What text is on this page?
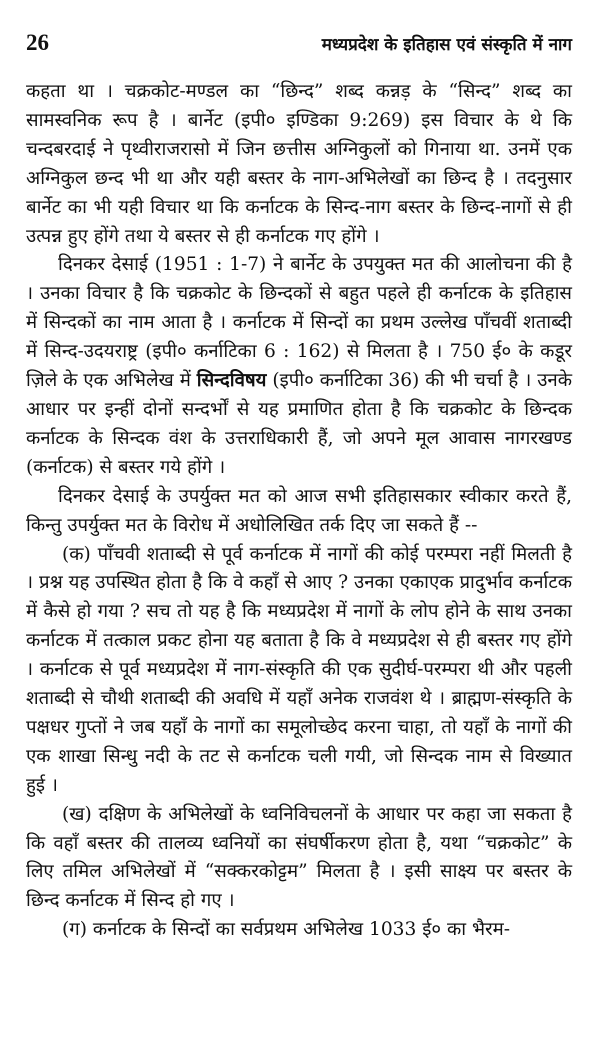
26	मध्यप्रदेश के इतिहास एवं संस्कृति में नाग

कहता था । चक्रकोट-मण्डल का “छिन्द” शब्द कन्नड़ के “सिन्द” शब्द का सामस्वनिक रूप है । बार्नेट (इपी० इण्डिका 9:269) इस विचार के थे कि चन्दबरदाई ने पृथ्वीराजरासो में जिन छत्तीस अग्निकुलों को गिनाया था. उनमें एक अग्निकुल छन्द भी था और यही बस्तर के नाग-अभिलेखों का छिन्द है । तदनुसार बार्नेट का भी यही विचार था कि कर्नाटक के सिन्द-नाग बस्तर के छिन्द-नागों से ही उत्पन्न हुए होंगे तथा ये बस्तर से ही कर्नाटक गए होंगे ।

दिनकर देसाई (1951 : 1-7) ने बार्नेट के उपयुक्त मत की आलोचना की है । उनका विचार है कि चक्रकोट के छिन्दकों से बहुत पहले ही कर्नाटक के इतिहास में सिन्दकों का नाम आता है । कर्नाटक में सिन्दों का प्रथम उल्लेख पाँचवीं शताब्दी में सिन्द-उदयराष्ट्र (इपी० कर्नाटिका 6 : 162) से मिलता है । 750 ई० के कडूर ज़िले के एक अभिलेख में सिन्दविषय (इपी० कर्नाटिका 36) की भी चर्चा है । उनके आधार पर इन्हीं दोनों सन्दर्भों से यह प्रमाणित होता है कि चक्रकोट के छिन्दक कर्नाटक के सिन्दक वंश के उत्तराधिकारी हैं, जो अपने मूल आवास नागरखण्ड (कर्नाटक) से बस्तर गये होंगे ।

दिनकर देसाई के उपर्युक्त मत को आज सभी इतिहासकार स्वीकार करते हैं, किन्तु उपर्युक्त मत के विरोध में अधोलिखित तर्क दिए जा सकते हैं --

(क) पाँचवी शताब्दी से पूर्व कर्नाटक में नागों की कोई परम्परा नहीं मिलती है । प्रश्न यह उपस्थित होता है कि वे कहाँ से आए ? उनका एकाएक प्रादुर्भाव कर्नाटक में कैसे हो गया ? सच तो यह है कि मध्यप्रदेश में नागों के लोप होने के साथ उनका कर्नाटक में तत्काल प्रकट होना यह बताता है कि वे मध्यप्रदेश से ही बस्तर गए होंगे । कर्नाटक से पूर्व मध्यप्रदेश में नाग-संस्कृति की एक सुदीर्घ-परम्परा थी और पहली शताब्दी से चौथी शताब्दी की अवधि में यहाँ अनेक राजवंश थे । ब्राह्मण-संस्कृति के पक्षधर गुप्तों ने जब यहाँ के नागों का समूलोच्छेद करना चाहा, तो यहाँ के नागों की एक शाखा सिन्धु नदी के तट से कर्नाटक चली गयी, जो सिन्दक नाम से विख्यात हुई ।

(ख) दक्षिण के अभिलेखों के ध्वनिविचलनों के आधार पर कहा जा सकता है कि वहाँ बस्तर की तालव्य ध्वनियों का संघर्षीकरण होता है, यथा “चक्रकोट” के लिए तमिल अभिलेखों में “सक्करकोट्टम” मिलता है । इसी साक्ष्य पर बस्तर के छिन्द कर्नाटक में सिन्द हो गए ।

(ग) कर्नाटक के सिन्दों का सर्वप्रथम अभिलेख 1033 ई० का भैरम-
